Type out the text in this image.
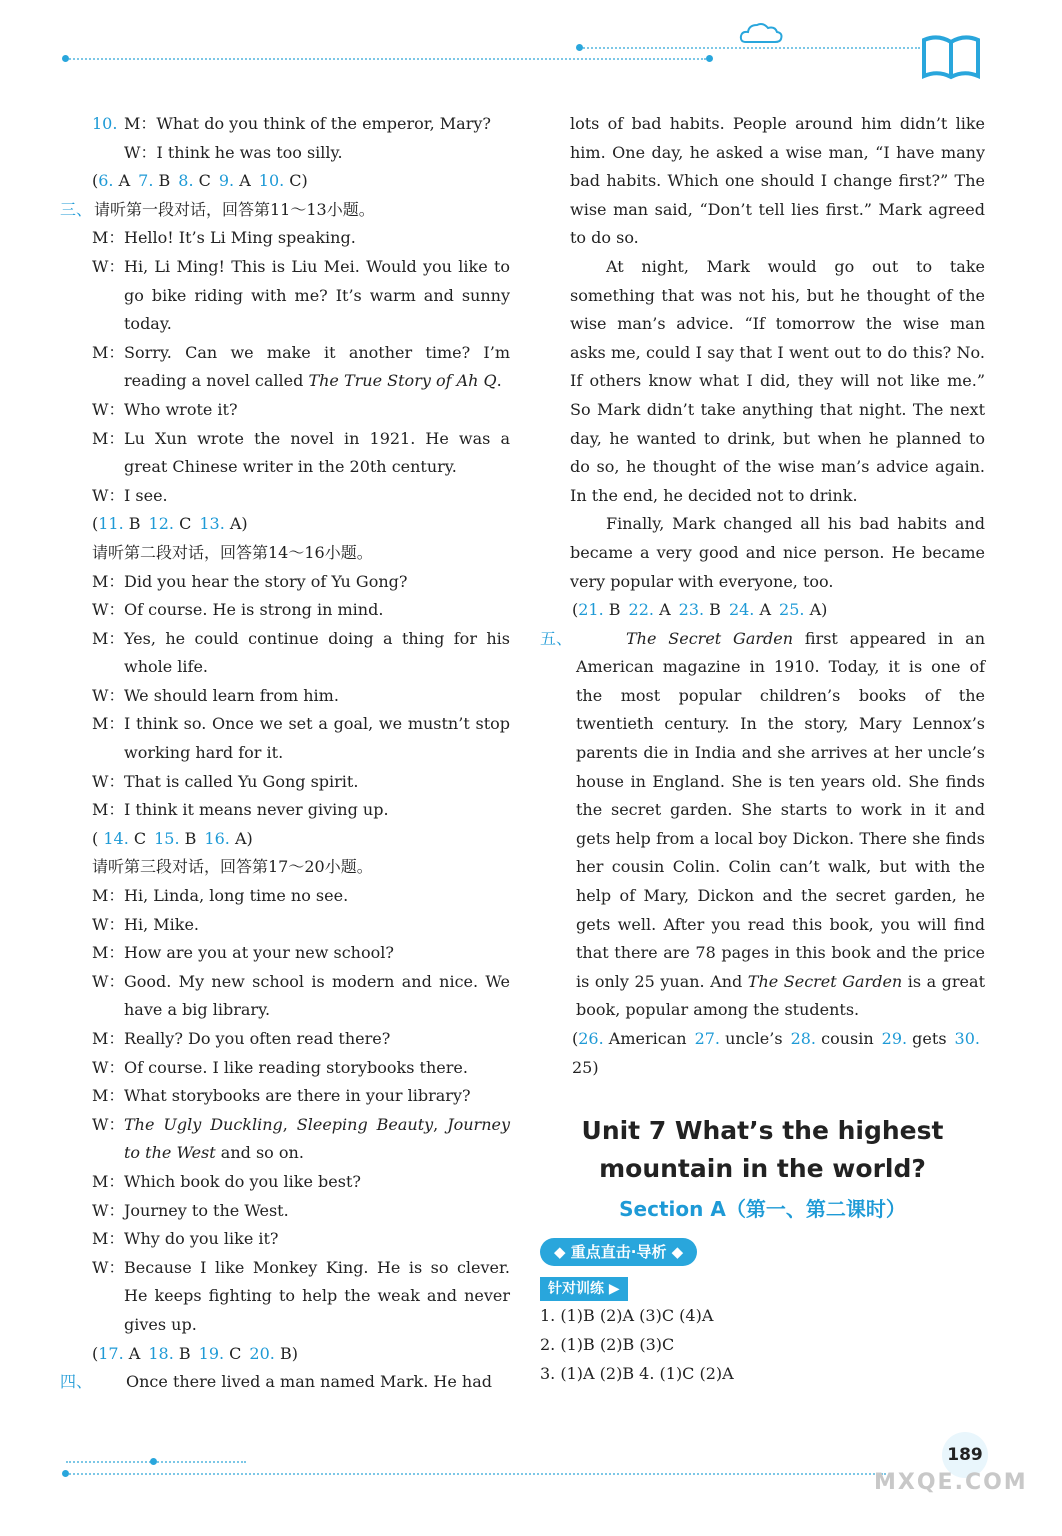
10. M：What do you think of the emperor, Mary?
W：I think he was too silly.
(6. A 7. B 8. C 9. A 10. C)
三、 请听第一段对话，回答第11～13小题。
M： Hello! It’s Li Ming speaking.
W： Hi, Li Ming! This is Liu Mei. Would you like to go bike riding with me? It’s warm and sunny today.
M： Sorry. Can we make it another time? I’m reading a novel called The True Story of Ah Q.
W： Who wrote it?
M： Lu Xun wrote the novel in 1921. He was a great Chinese writer in the 20th century.
W： I see.
(11. B 12. C 13. A)
请听第二段对话，回答第14～16小题。
M： Did you hear the story of Yu Gong?
W： Of course. He is strong in mind.
M： Yes, he could continue doing a thing for his whole life.
W： We should learn from him.
M： I think so. Once we set a goal, we mustn’t stop working hard for it.
W： That is called Yu Gong spirit.
M： I think it means never giving up.
( 14. C 15. B 16. A)
请听第三段对话，回答第17～20小题。
M： Hi, Linda, long time no see.
W： Hi, Mike.
M： How are you at your new school?
W： Good. My new school is modern and nice. We have a big library.
M： Really? Do you often read there?
W： Of course. I like reading storybooks there.
M： What storybooks are there in your library?
W： The Ugly Duckling, Sleeping Beauty, Journey to the West and so on.
M： Which book do you like best?
W： Journey to the West.
M： Why do you like it?
W： Because I like Monkey King. He is so clever. He keeps fighting to help the weak and never gives up.
(17. A 18. B 19. C 20. B)
四、 Once there lived a man named Mark. He had
lots of bad habits. People around him didn’t like him. One day, he asked a wise man, “I have many bad habits. Which one should I change first?” The wise man said, “Don’t tell lies first.” Mark agreed to do so.
At night, Mark would go out to take something that was not his, but he thought of the wise man’s advice. “If tomorrow the wise man asks me, could I say that I went out to do this? No. If others know what I did, they will not like me.” So Mark didn’t take anything that night. The next day, he wanted to drink, but when he planned to do so, he thought of the wise man’s advice again. In the end, he decided not to drink.
Finally, Mark changed all his bad habits and became a very good and nice person. He became very popular with everyone, too.
(21. B 22. A 23. B 24. A 25. A)
五、	The Secret Garden first appeared in an American magazine in 1910. Today, it is one of the most popular children’s books of the twentieth century. In the story, Mary Lennox’s parents die in India and she arrives at her uncle’s house in England. She is ten years old. She finds the secret garden. She starts to work in it and gets help from a local boy Dickon. There she finds her cousin Colin. Colin can’t walk, but with the help of Mary, Dickon and the secret garden, he gets well. After you read this book, you will find that there are 78 pages in this book and the price is only 25 yuan. And The Secret Garden is a great book, popular among the students.
(26. American 27. uncle’s 28. cousin 29. gets 30. 25)
Unit 7 What’s the highest
mountain in the world?
Section A（第一、第二课时）
◆ 重点直击·导析 ◆
针对训练 ▶
1. (1)B (2)A (3)C (4)A
2. (1)B (2)B (3)C
3. (1)A (2)B 4. (1)C (2)A
189
MXQE.COM
